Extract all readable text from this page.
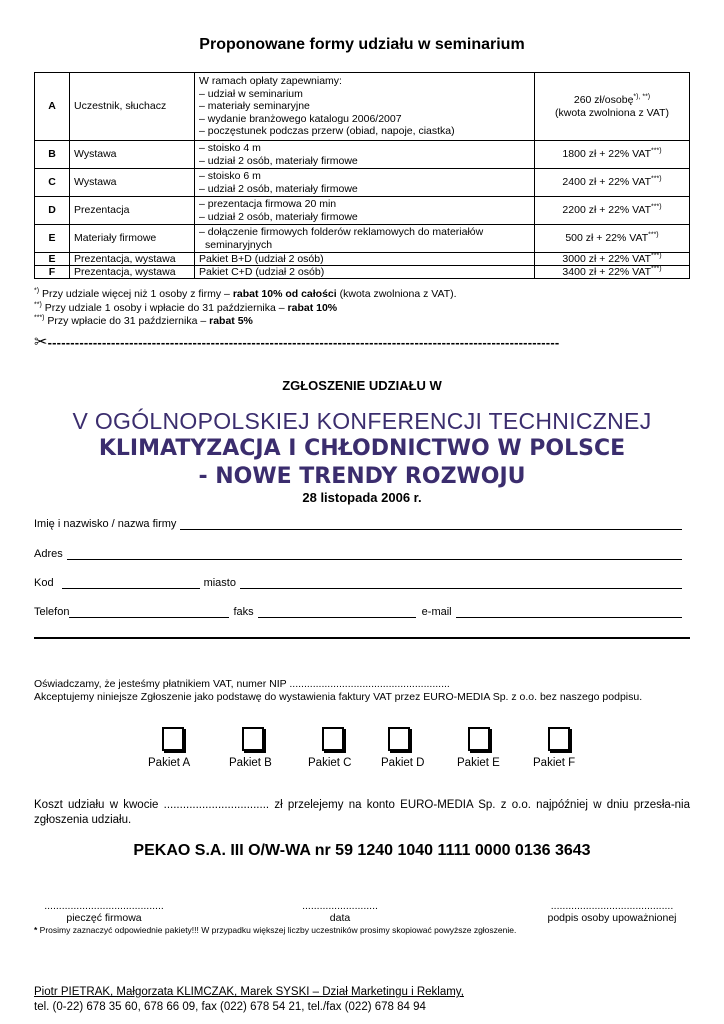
Proponowane formy udziału w seminarium
A	Uczestnik, słuchacz	W ramach opłaty zapewniamy:
– udział w seminarium
– materiały seminaryjne
– wydanie branżowego katalogu 2006/2007
– poczęstunek podczas przerw (obiad, napoje, ciastka)	260 zł/osobę*), **)
(kwota zwolniona z VAT)

B	Wystawa	– stoisko 4 m
– udział 2 osób, materiały firmowe	1800 zł + 22% VAT***)
C	Wystawa	– stoisko 6 m
– udział 2 osób, materiały firmowe	2400 zł + 22% VAT***)
D	Prezentacja	– prezentacja firmowa 20 min
– udział 2 osób, materiały firmowe	2200 zł + 22% VAT***)
E	Materiały firmowe	– dołączenie firmowych folderów reklamowych do materiałów
seminaryjnych	500 zł + 22% VAT***)
E	Prezentacja, wystawa	Pakiet B+D (udział 2 osób)	3000 zł + 22% VAT***)
F	Prezentacja, wystawa	Pakiet C+D (udział 2 osób)	3400 zł + 22% VAT***)
*) Przy udziale więcej niż 1 osoby z firmy – rabat 10% od całości (kwota zwolniona z VAT).
**) Przy udziale 1 osoby i wpłacie do 31 października – rabat 10%
***) Przy wpłacie do 31 października – rabat 5%
✂-----------------------------------------------------------------------------------------------------------------
ZGŁOSZENIE UDZIAŁU W
V OGÓLNOPOLSKIEJ KONFERENCJI TECHNICZNEJ
KLIMATYZACJA I CHŁODNICTWO W POLSCE
- NOWE TRENDY ROZWOJU
28 listopada 2006 r.
Imię i nazwisko / nazwa firmy
Adres
Kod	miasto
Telefon	faks	e-mail
Oświadczamy, że jesteśmy płatnikiem VAT, numer NIP .......................................................
Akceptujemy niniejsze Zgłoszenie jako podstawę do wystawienia faktury VAT przez EURO-MEDIA Sp. z o.o. bez naszego podpisu.
Pakiet A	Pakiet B	Pakiet C	Pakiet D	Pakiet E	Pakiet F
Koszt udziału w kwocie ................................. zł przelejemy na konto EURO-MEDIA Sp. z o.o. najpóźniej w dniu przesła-nia zgłoszenia udziału.
PEKAO S.A. III O/W-WA nr 59 1240 1040 1111 0000 0136 3643
.........................................
pieczęć firmowa
..........................
data
..........................................
podpis osoby upoważnionej
* Prosimy zaznaczyć odpowiednie pakiety!!! W przypadku większej liczby uczestników prosimy skopiować powyższe zgłoszenie.
Piotr PIETRAK, Małgorzata KLIMCZAK, Marek SYSKI – Dział Marketingu i Reklamy,
tel. (0-22) 678 35 60, 678 66 09, fax (022) 678 54 21, tel./fax (022) 678 84 94
